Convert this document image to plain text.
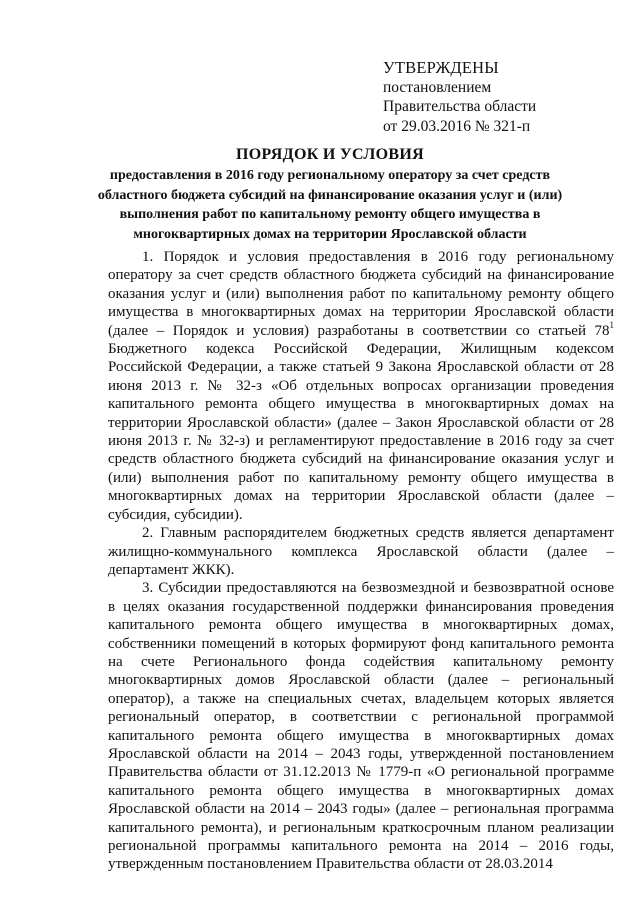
УТВЕРЖДЕНЫ
постановлением
Правительства области
от 29.03.2016 № 321-п
ПОРЯДОК И УСЛОВИЯ
предоставления в 2016 году региональному оператору за счет средств областного бюджета субсидий на финансирование оказания услуг и (или) выполнения работ по капитальному ремонту общего имущества в многоквартирных домах на территории Ярославской области

1. Порядок и условия предоставления в 2016 году региональному оператору за счет средств областного бюджета субсидий на финансирование оказания услуг и (или) выполнения работ по капитальному ремонту общего имущества в многоквартирных домах на территории Ярославской области (далее – Порядок и условия) разработаны в соответствии со статьей $78^1$ Бюджетного кодекса Российской Федерации, Жилищным кодексом Российской Федерации, а также статьей 9 Закона Ярославской области от 28 июня 2013 г. № 32-з «Об отдельных вопросах организации проведения капитального ремонта общего имущества в многоквартирных домах на территории Ярославской области» (далее – Закон Ярославской области от 28 июня 2013 г. № 32-з) и регламентируют предоставление в 2016 году за счет средств областного бюджета субсидий на финансирование оказания услуг и (или) выполнения работ по капитальному ремонту общего имущества в многоквартирных домах на территории Ярославской области (далее – субсидия, субсидии).

2. Главным распорядителем бюджетных средств является департамент жилищно-коммунального комплекса Ярославской области (далее – департамент ЖКК).

3. Субсидии предоставляются на безвозмездной и безвозвратной основе в целях оказания государственной поддержки финансирования проведения капитального ремонта общего имущества в многоквартирных домах, собственники помещений в которых формируют фонд капитального ремонта на счете Регионального фонда содействия капитальному ремонту многоквартирных домов Ярославской области (далее – региональный оператор), а также на специальных счетах, владельцем которых является региональный оператор, в соответствии с региональной программой капитального ремонта общего имущества в многоквартирных домах Ярославской области на 2014 – 2043 годы, утвержденной постановлением Правительства области от 31.12.2013 № 1779-п «О региональной программе капитального ремонта общего имущества в многоквартирных домах Ярославской области на 2014 – 2043 годы» (далее – региональная программа капитального ремонта), и региональным краткосрочным планом реализации региональной программы капитального ремонта на 2014 – 2016 годы, утвержденным постановлением Правительства области от 28.03.2014
